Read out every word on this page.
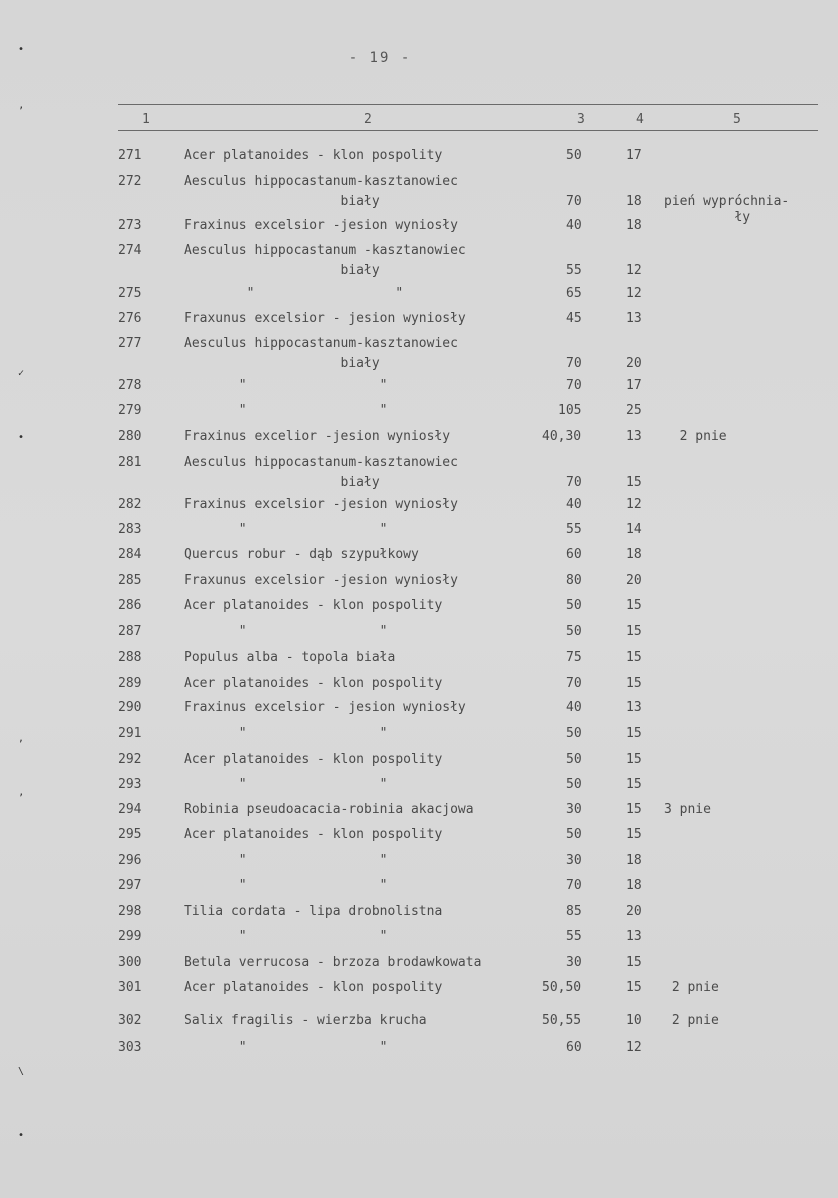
- 19 -
1	2	3	4	5
271	Acer platanoides - klon pospolity	50	17
272	Aesculus hippocastanum-kasztanowiec
biały	70	18	pień wypróchnia-
ły
273	Fraxinus excelsior -jesion wyniosły	40	18
274	Aesculus hippocastanum -kasztanowiec
biały	55	12
275	"                  "	65	12
276	Fraxunus excelsior - jesion wyniosły	45	13
277	Aesculus hippocastanum-kasztanowiec
biały	70	20
278	"                 "	70	17
279	"                 "	105	25
280	Fraxinus excelior -jesion wyniosły	40,30	13	2 pnie
281	Aesculus hippocastanum-kasztanowiec
biały	70	15
282	Fraxinus excelsior -jesion wyniosły	40	12
283	"                 "	55	14
284	Quercus robur - dąb szypułkowy	60	18
285	Fraxunus excelsior -jesion wyniosły	80	20
286	Acer platanoides - klon pospolity	50	15
287	"                 "	50	15
288	Populus alba - topola biała	75	15
289	Acer platanoides - klon pospolity	70	15
290	Fraxinus excelsior - jesion wyniosły	40	13
291	"                 "	50	15
292	Acer platanoides - klon pospolity	50	15
293	"                 "	50	15
294	Robinia pseudoacacia-robinia akacjowa	30	15	3 pnie
295	Acer platanoides - klon pospolity	50	15
296	"                 "	30	18
297	"                 "	70	18
298	Tilia cordata - lipa drobnolistna	85	20
299	"                 "	55	13
300	Betula verrucosa - brzoza brodawkowata	30	15
301	Acer platanoides - klon pospolity	50,50	15	2 pnie
302	Salix fragilis - wierzba krucha	50,55	10	2 pnie
303	"                 "	60	12
•
’
✓
•
,
’
\
•
